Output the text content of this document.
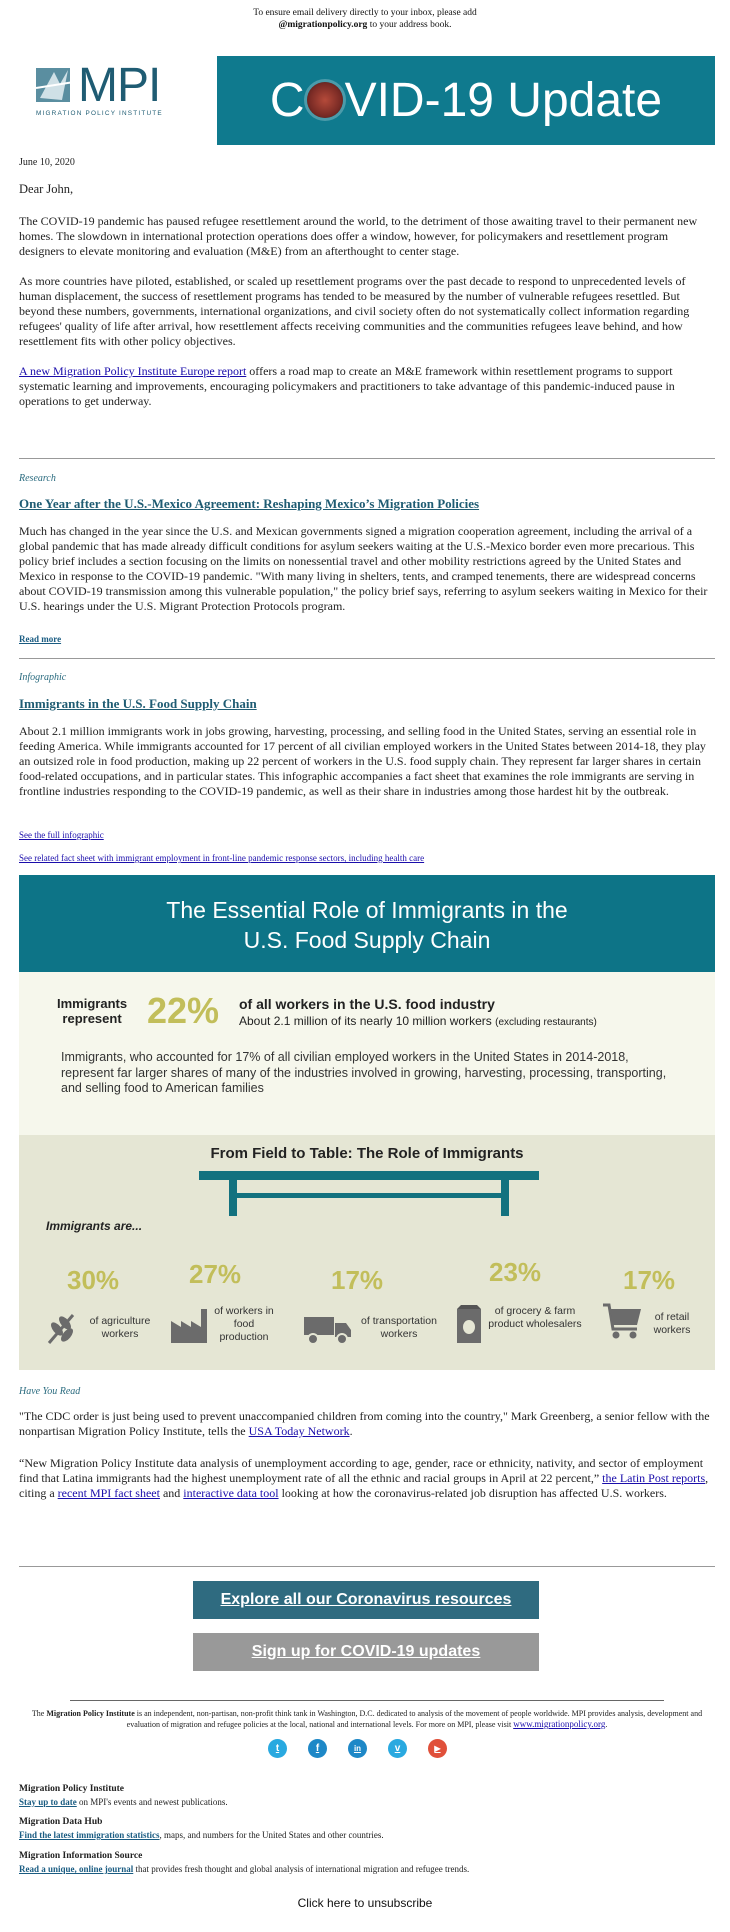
To ensure email delivery directly to your inbox, please add
@migrationpolicy.org to your address book.
MPI
MIGRATION POLICY INSTITUTE	C VID-19 Update
June 10, 2020
Dear John,
The COVID-19 pandemic has paused refugee resettlement around the world, to the detriment of those awaiting travel to their permanent new homes. The slowdown in international protection operations does offer a window, however, for policymakers and resettlement program designers to elevate monitoring and evaluation (M&E) from an afterthought to center stage.
As more countries have piloted, established, or scaled up resettlement programs over the past decade to respond to unprecedented levels of human displacement, the success of resettlement programs has tended to be measured by the number of vulnerable refugees resettled. But beyond these numbers, governments, international organizations, and civil society often do not systematically collect information regarding refugees' quality of life after arrival, how resettlement affects receiving communities and the communities refugees leave behind, and how resettlement fits with other policy objectives.
A new Migration Policy Institute Europe report offers a road map to create an M&E framework within resettlement programs to support systematic learning and improvements, encouraging policymakers and practitioners to take advantage of this pandemic-induced pause in operations to get underway.
Research
One Year after the U.S.-Mexico Agreement: Reshaping Mexico’s Migration Policies
Much has changed in the year since the U.S. and Mexican governments signed a migration cooperation agreement, including the arrival of a global pandemic that has made already difficult conditions for asylum seekers waiting at the U.S.-Mexico border even more precarious. This policy brief includes a section focusing on the limits on nonessential travel and other mobility restrictions agreed by the United States and Mexico in response to the COVID-19 pandemic. "With many living in shelters, tents, and cramped tenements, there are widespread concerns about COVID-19 transmission among this vulnerable population," the policy brief says, referring to asylum seekers waiting in Mexico for their U.S. hearings under the U.S. Migrant Protection Protocols program.
Read more
Infographic
Immigrants in the U.S. Food Supply Chain
About 2.1 million immigrants work in jobs growing, harvesting, processing, and selling food in the United States, serving an essential role in feeding America. While immigrants accounted for 17 percent of all civilian employed workers in the United States between 2014-18, they play an outsized role in food production, making up 22 percent of workers in the U.S. food supply chain. They represent far larger shares in certain food-related occupations, and in particular states. This infographic accompanies a fact sheet that examines the role immigrants are serving in frontline industries responding to the COVID-19 pandemic, as well as their share in industries among those hardest hit by the outbreak.
See the full infographic
See related fact sheet with immigrant employment in front-line pandemic response sectors, including health care
The Essential Role of Immigrants in the
U.S. Food Supply Chain
Immigrants
represent 22% of all workers in the U.S. food industry
About 2.1 million of its nearly 10 million workers (excluding restaurants)
Immigrants, who accounted for 17% of all civilian employed workers in the United States in 2014-2018, represent far larger shares of many of the industries involved in growing, harvesting, processing, transporting, and selling food to American families
From Field to Table: The Role of Immigrants
Immigrants are...
30%
of agriculture workers
27%
of workers in food production
17%
of transportation workers
23%
of grocery & farm product wholesalers
17%
of retail workers
Have You Read
"The CDC order is just being used to prevent unaccompanied children from coming into the country," Mark Greenberg, a senior fellow with the nonpartisan Migration Policy Institute, tells the USA Today Network.
“New Migration Policy Institute data analysis of unemployment according to age, gender, race or ethnicity, nativity, and sector of employment find that Latina immigrants had the highest unemployment rate of all the ethnic and racial groups in April at 22 percent,” the Latin Post reports, citing a recent MPI fact sheet and interactive data tool looking at how the coronavirus-related job disruption has affected U.S. workers.
Explore all our Coronavirus resources
Sign up for COVID-19 updates
The Migration Policy Institute is an independent, non-partisan, non-profit think tank in Washington, D.C. dedicated to analysis of the movement of people worldwide. MPI provides analysis, development and evaluation of migration and refugee policies at the local, national and international levels. For more on MPI, please visit www.migrationpolicy.org.
t	f	in	v	▶
Migration Policy Institute
Stay up to date on MPI's events and newest publications.
Migration Data Hub
Find the latest immigration statistics, maps, and numbers for the United States and other countries.
Migration Information Source
Read a unique, online journal that provides fresh thought and global analysis of international migration and refugee trends.
Click here to unsubscribe
